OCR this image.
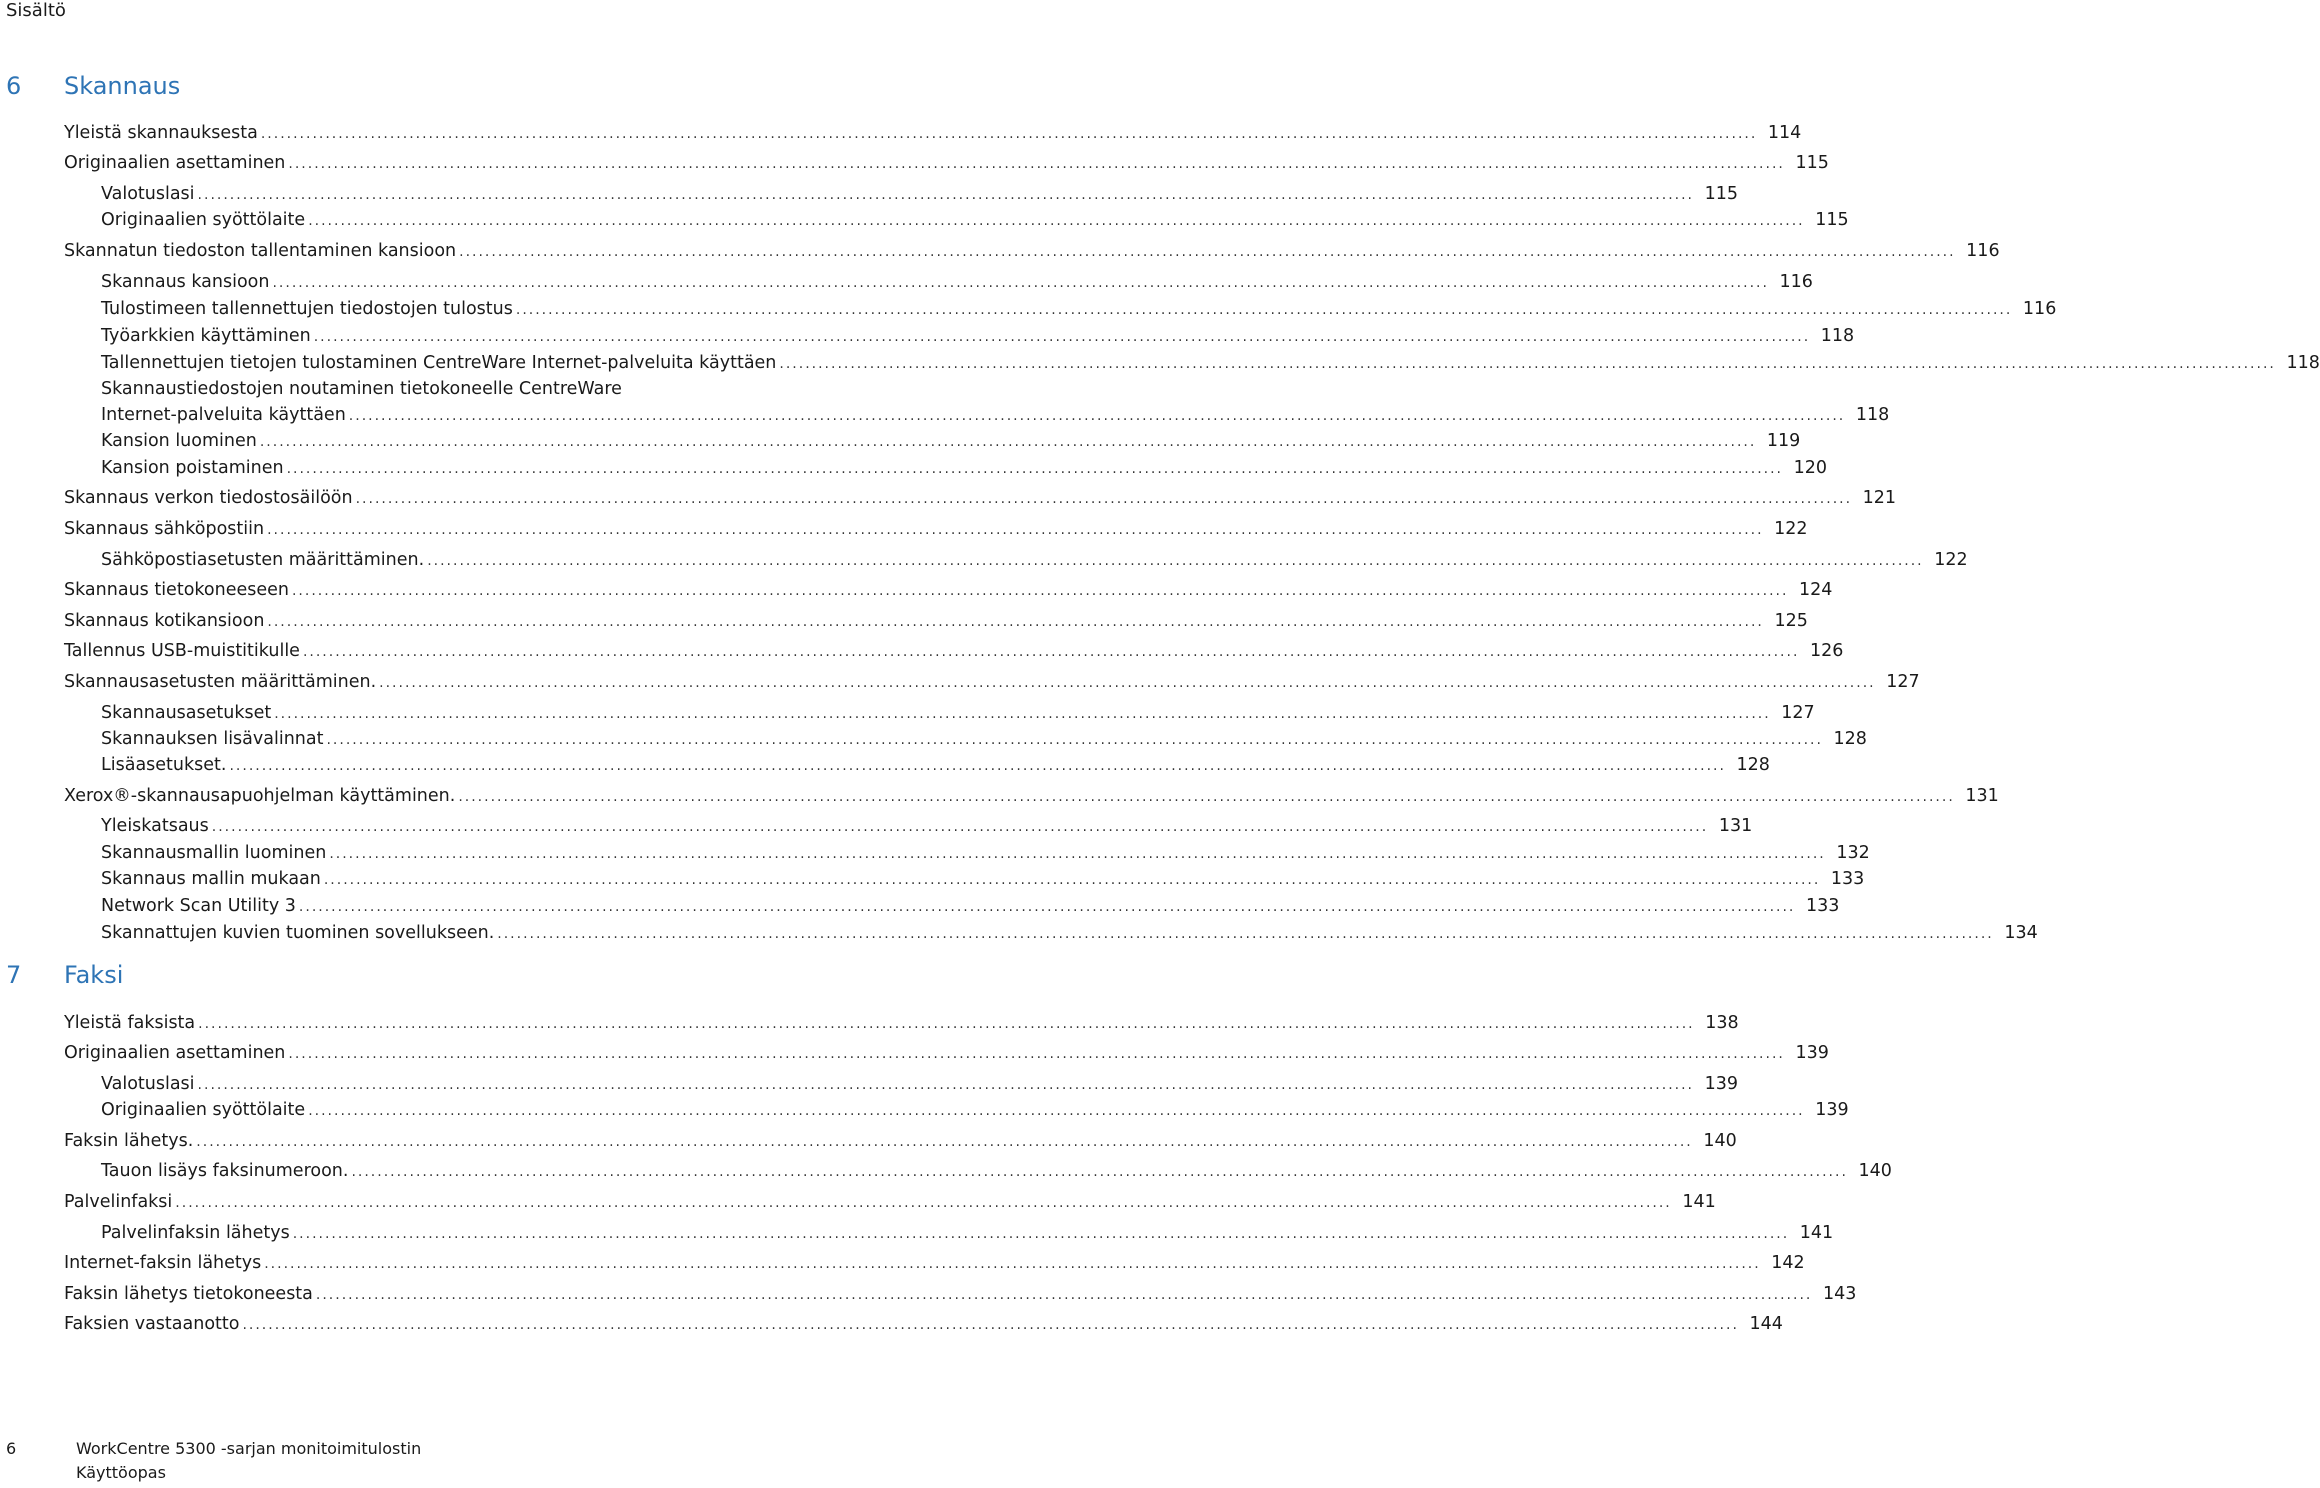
Sisältö
6 Skannaus
Yleistä skannauksesta .....	114
Originaalien asettaminen .....	115
Valotuslasi .....	115
Originaalien syöttölaite .....	115
Skannatun tiedoston tallentaminen kansioon .....	116
Skannaus kansioon .....	116
Tulostimeen tallennettujen tiedostojen tulostus .....	116
Työarkkien käyttäminen .....	118
Tallennettujen tietojen tulostaminen CentreWare Internet-palveluita käyttäen .....	118
Skannaustiedostojen noutaminen tietokoneelle CentreWare
Internet-palveluita käyttäen .....	118
Kansion luominen .....	119
Kansion poistaminen .....	120
Skannaus verkon tiedostosäilöön .....	121
Skannaus sähköpostiin .....	122
Sähköpostiasetusten määrittäminen. .....	122
Skannaus tietokoneeseen .....	124
Skannaus kotikansioon .....	125
Tallennus USB-muistitikulle .....	126
Skannausasetusten määrittäminen. .....	127
Skannausasetukset .....	127
Skannauksen lisävalinnat .....	128
Lisäasetukset. .....	128
Xerox®-skannausapuohjelman käyttäminen. .....	131
Yleiskatsaus .....	131
Skannausmallin luominen .....	132
Skannaus mallin mukaan .....	133
Network Scan Utility 3 .....	133
Skannattujen kuvien tuominen sovellukseen. .....	134
7 Faksi
Yleistä faksista .....	138
Originaalien asettaminen .....	139
Valotuslasi .....	139
Originaalien syöttölaite .....	139
Faksin lähetys. .....	140
Tauon lisäys faksinumeroon. .....	140
Palvelinfaksi .....	141
Palvelinfaksin lähetys .....	141
Internet-faksin lähetys .....	142
Faksin lähetys tietokoneesta .....	143
Faksien vastaanotto .....	144
6	WorkCentre 5300 -sarjan monitoimitulostin
Käyttöopas
